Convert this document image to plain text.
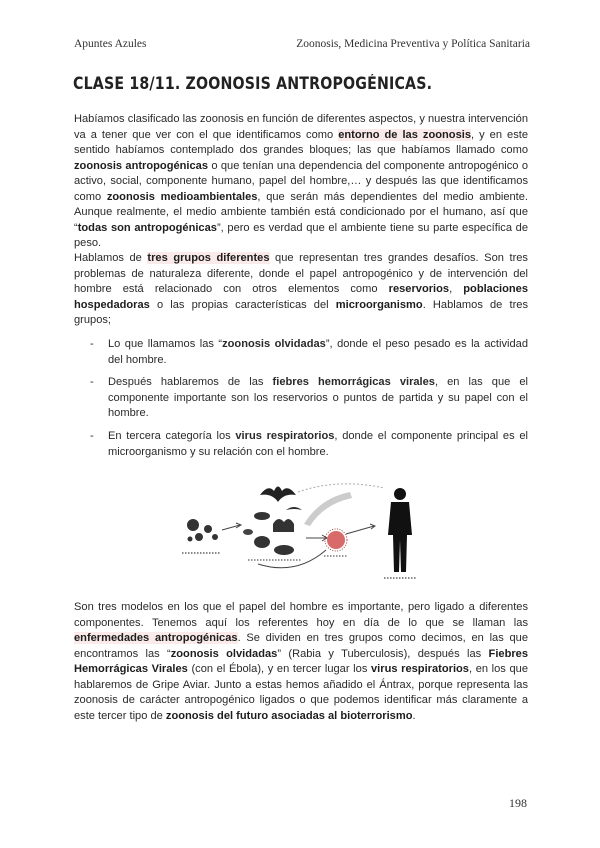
Apuntes Azules	Zoonosis, Medicina Preventiva y Política Sanitaria
CLASE 18/11. ZOONOSIS ANTROPOGÉNICAS.

Habíamos clasificado las zoonosis en función de diferentes aspectos, y nuestra intervención va a tener que ver con el que identificamos como entorno de las zoonosis, y en este sentido habíamos contemplado dos grandes bloques; las que habíamos llamado como zoonosis antropogénicas o que tenían una dependencia del componente antropogénico o activo, social, componente humano, papel del hombre,… y después las que identificamos como zoonosis medioambientales, que serán más dependientes del medio ambiente. Aunque realmente, el medio ambiente también está condicionado por el humano, así que “todas son antropogénicas”, pero es verdad que el ambiente tiene su parte específica de peso.

Hablamos de tres grupos diferentes que representan tres grandes desafíos. Son tres problemas de naturaleza diferente, donde el papel antropogénico y de intervención del hombre está relacionado con otros elementos como reservorios, poblaciones hospedadoras o las propias características del microorganismo. Hablamos de tres grupos;

- Lo que llamamos las “zoonosis olvidadas”, donde el peso pesado es la actividad del hombre.
- Después hablaremos de las fiebres hemorrágicas virales, en las que el componente importante son los reservorios o puntos de partida y su papel con el hombre.
- En tercera categoría los virus respiratorios, donde el componente principal es el microorganismo y su relación con el hombre.

Son tres modelos en los que el papel del hombre es importante, pero ligado a diferentes componentes. Tenemos aquí los referentes hoy en día de lo que se llaman las enfermedades antropogénicas. Se dividen en tres grupos como decimos, en las que encontramos las “zoonosis olvidadas” (Rabia y Tuberculosis), después las Fiebres Hemorrágicas Virales (con el Ébola), y en tercer lugar los virus respiratorios, en los que hablaremos de Gripe Aviar. Junto a estas hemos añadido el Ántrax, porque representa las zoonosis de carácter antropogénico ligados o que podemos identificar más claramente a este tercer tipo de zoonosis del futuro asociadas al bioterrorismo.

198
